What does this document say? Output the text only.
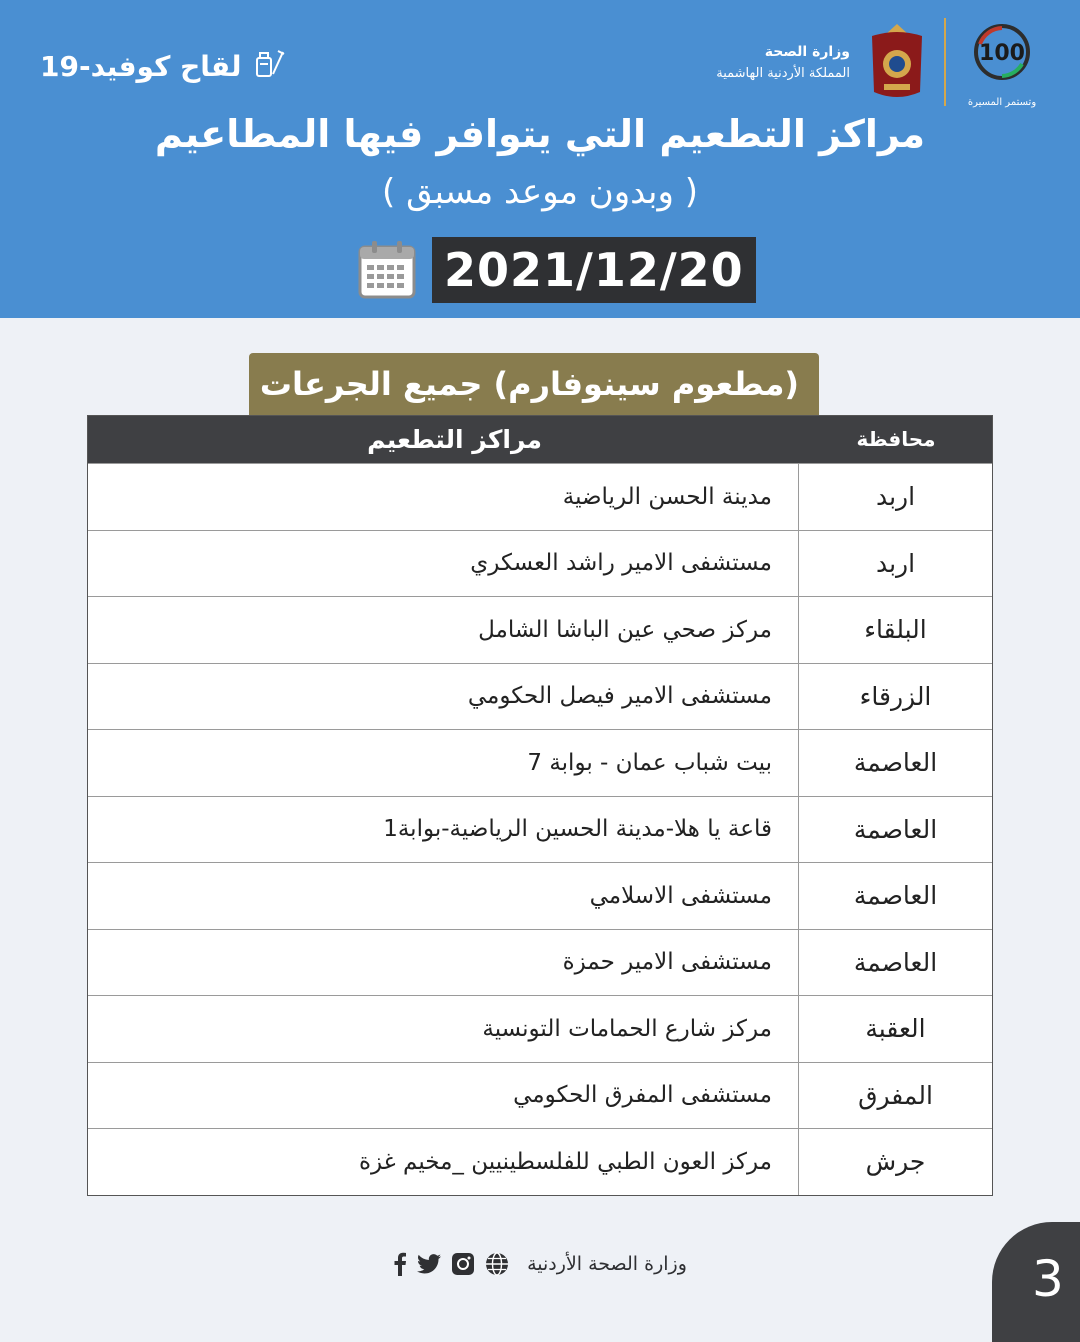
لقاح كوفيد-19	100
وتستمر المسيرة
وزارة الصحة
المملكة الأردنية الهاشمية
مراكز التطعيم التي يتوافر فيها المطاعيم
( وبدون موعد مسبق )
2021/12/20
(مطعوم سينوفارم) جميع الجرعات
محافظة
مراكز التطعيم
اربد
مدينة الحسن الرياضية
اربد
مستشفى الامير راشد العسكري
البلقاء
مركز صحي عين الباشا الشامل
الزرقاء
مستشفى الامير فيصل الحكومي
العاصمة
بيت شباب عمان - بوابة 7
العاصمة
قاعة يا هلا-مدينة الحسين الرياضية-بوابة1
العاصمة
مستشفى الاسلامي
العاصمة
مستشفى الامير حمزة
العقبة
مركز شارع الحمامات التونسية
المفرق
مستشفى المفرق الحكومي
جرش
مركز العون الطبي للفلسطينيين _مخيم غزة
وزارة الصحة الأردنية	3
